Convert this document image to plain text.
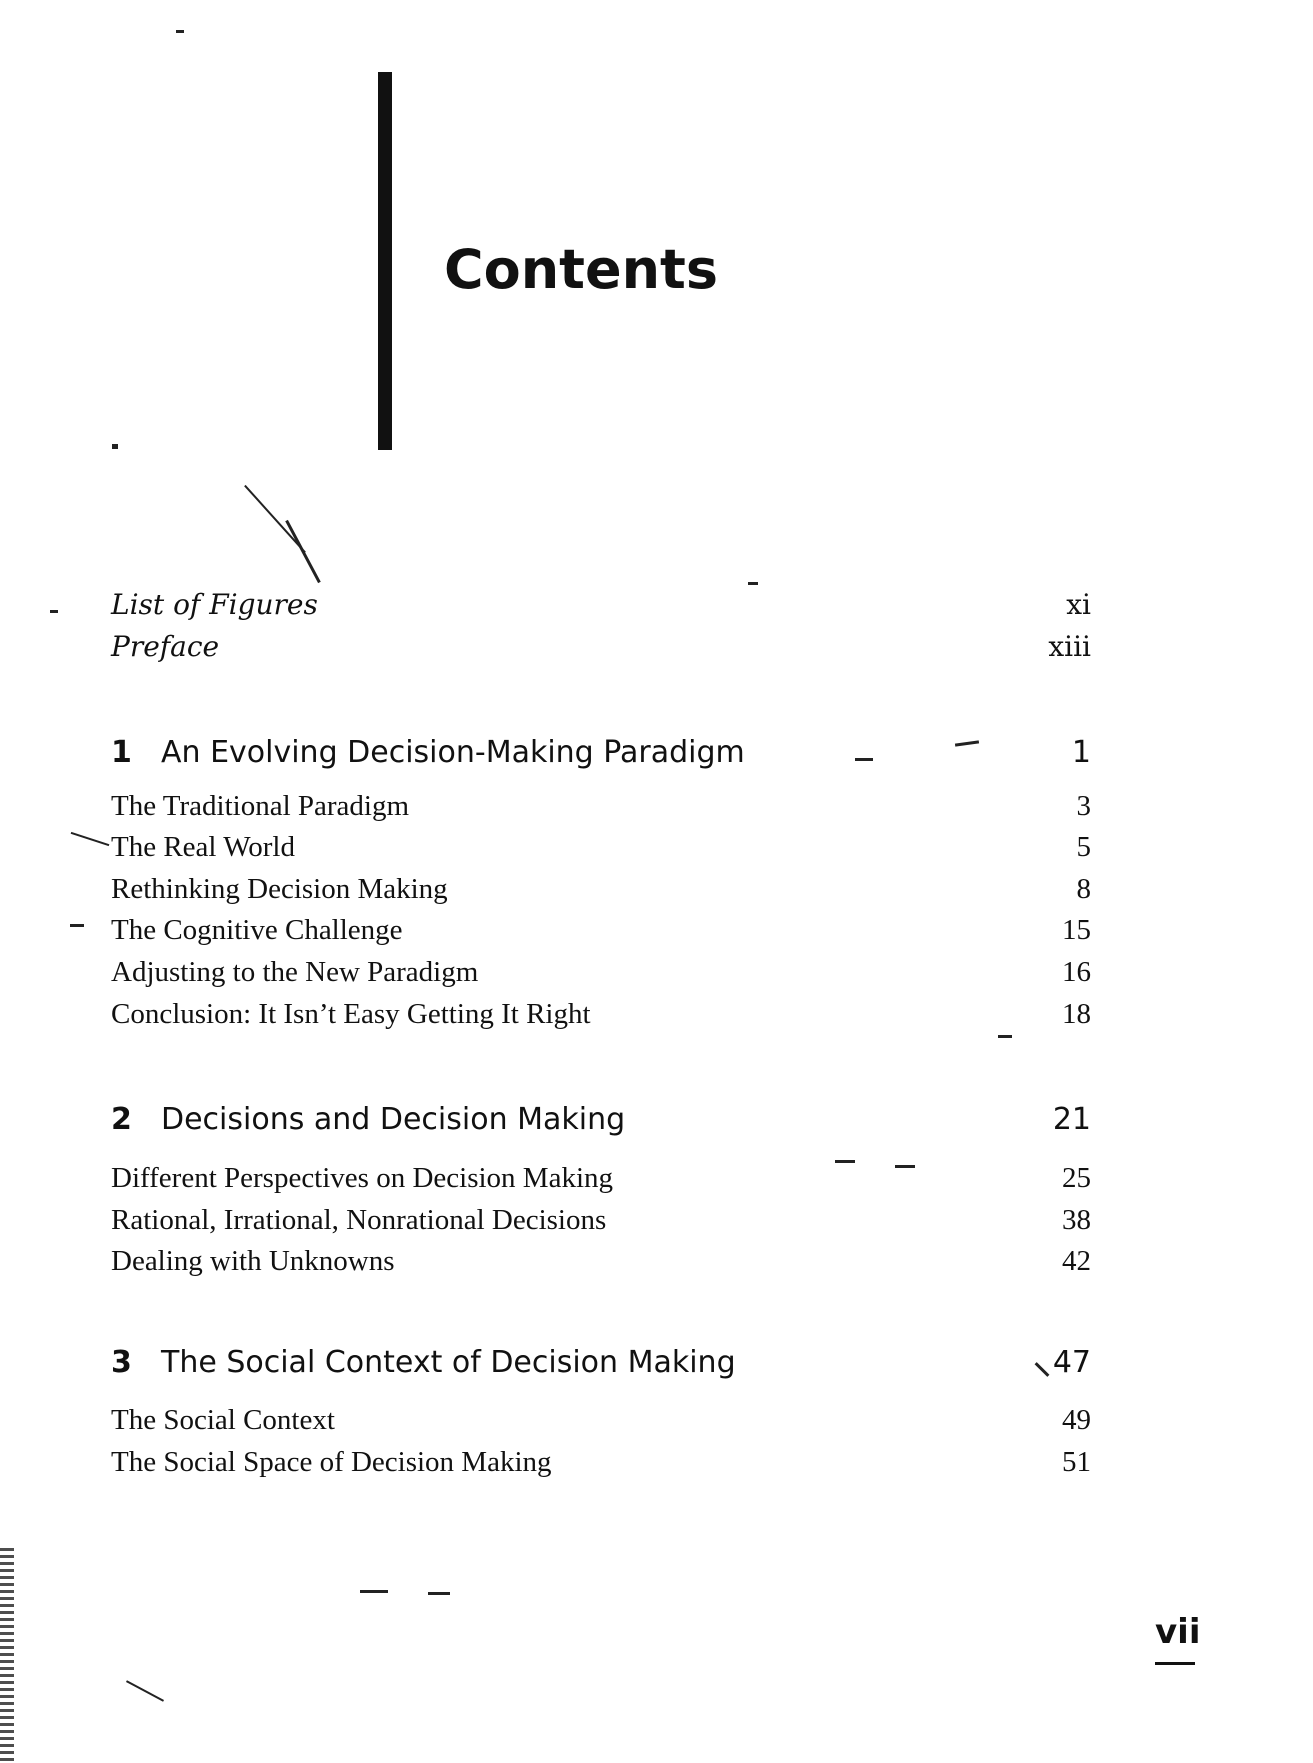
Contents
List of Figures	xi
Preface	xiii
1 An Evolving Decision-Making Paradigm	1
The Traditional Paradigm	3
The Real World	5
Rethinking Decision Making	8
The Cognitive Challenge	15
Adjusting to the New Paradigm	16
Conclusion: It Isn’t Easy Getting It Right	18
2 Decisions and Decision Making	21
Different Perspectives on Decision Making	25
Rational, Irrational, Nonrational Decisions	38
Dealing with Unknowns	42
3 The Social Context of Decision Making	47
The Social Context	49
The Social Space of Decision Making	51
vii
